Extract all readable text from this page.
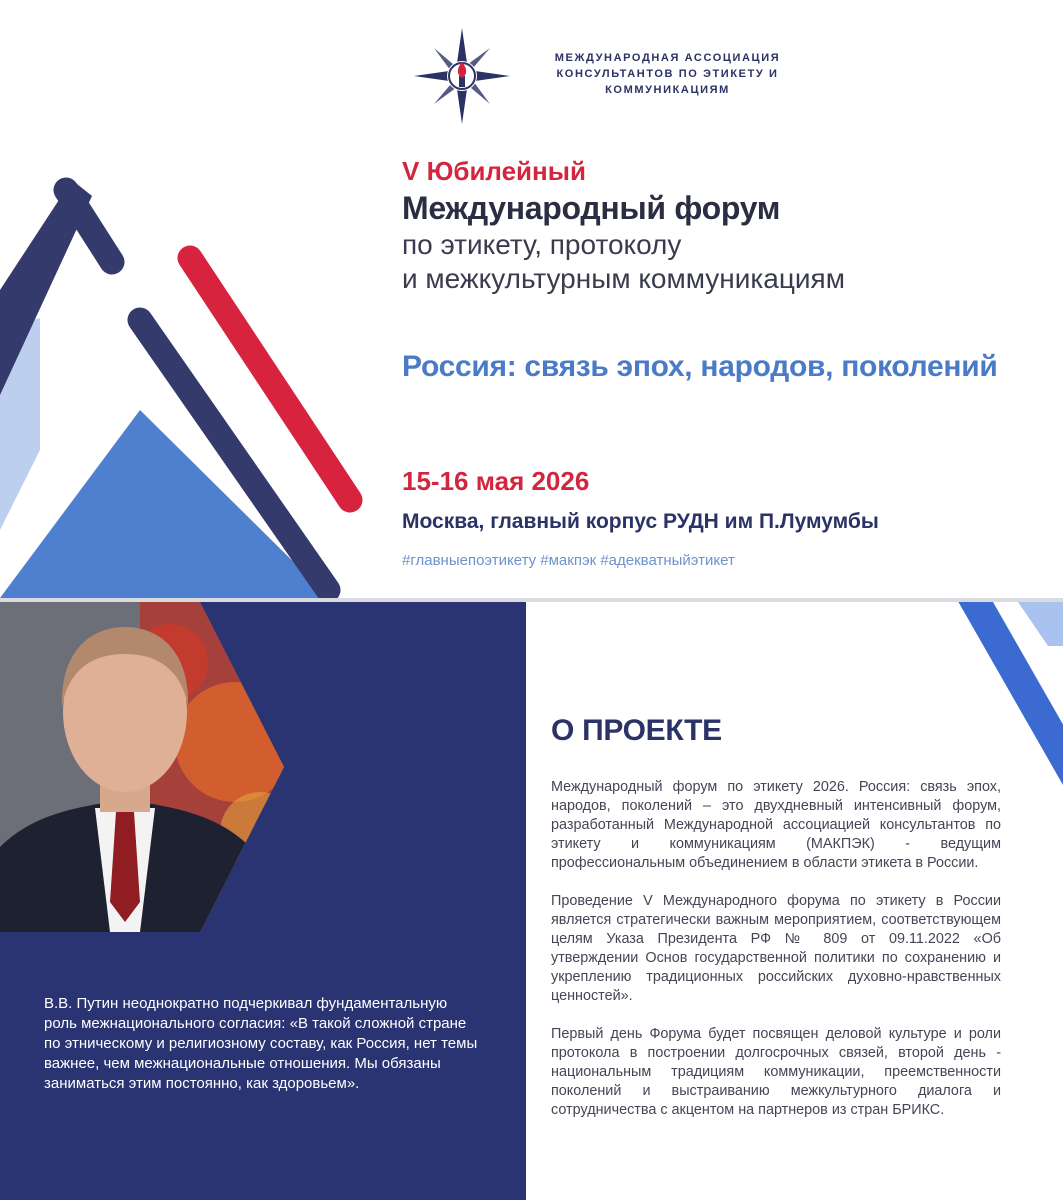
МЕЖДУНАРОДНАЯ АССОЦИАЦИЯ
КОНСУЛЬТАНТОВ ПО ЭТИКЕТУ И
КОММУНИКАЦИЯМ
V Юбилейный
Международный форум
по этикету, протоколу
и межкультурным коммуникациям
Россия: связь эпох, народов, поколений
15-16 мая 2026
Москва, главный корпус РУДН им П.Лумумбы
#главныепоэтикету #макпэк #адекватныйэтикет
В.В. Путин неоднократно подчеркивал фундаментальную роль межнационального согласия: «В такой сложной стране по этническому и религиозному составу, как Россия, нет темы важнее, чем межнациональные отношения. Мы обязаны заниматься этим постоянно, как здоровьем».
О ПРОЕКТЕ

Международный форум по этикету 2026. Россия: связь эпох, народов, поколений – это двухдневный интенсивный форум, разработанный Международной ассоциацией консультантов по этикету и коммуникациям (МАКПЭК) - ведущим профессиональным объединением в области этикета в России.

Проведение V Международного форума по этикету в России является стратегически важным мероприятием, соответствующем целям Указа Президента РФ № 809 от 09.11.2022 «Об утверждении Основ государственной политики по сохранению и укреплению традиционных российских духовно-нравственных ценностей».

Первый день Форума будет посвящен деловой культуре и роли протокола в построении долгосрочных связей, второй день - национальным традициям коммуникации, преемственности поколений и выстраиванию межкультурного диалога и сотрудничества с акцентом на партнеров из стран БРИКС.
